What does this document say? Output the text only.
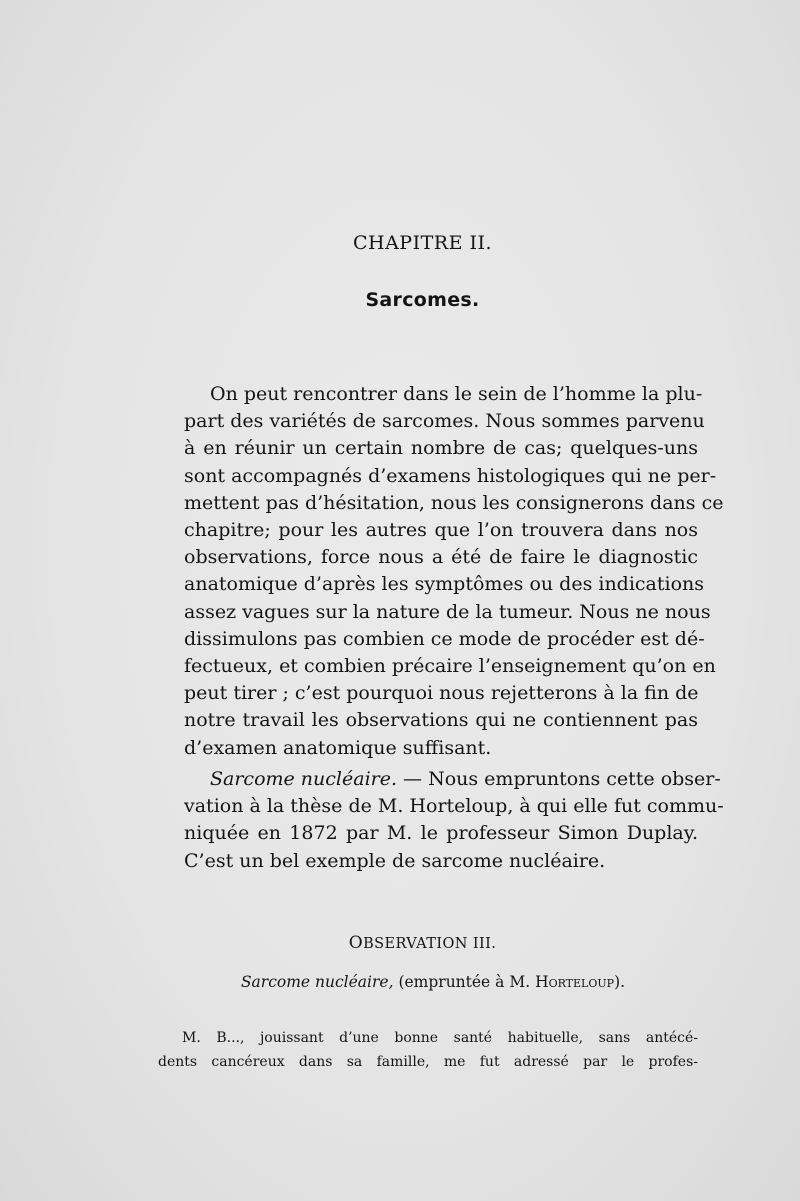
CHAPITRE II.
Sarcomes.
On peut rencontrer dans le sein de l’homme la plu-
part des variétés de sarcomes. Nous sommes parvenu
à en réunir un certain nombre de cas; quelques-uns
sont accompagnés d’examens histologiques qui ne per-
mettent pas d’hésitation, nous les consignerons dans ce
chapitre; pour les autres que l’on trouvera dans nos
observations, force nous a été de faire le diagnostic
anatomique d’après les symptômes ou des indications
assez vagues sur la nature de la tumeur. Nous ne nous
dissimulons pas combien ce mode de procéder est dé-
fectueux, et combien précaire l’enseignement qu’on en
peut tirer ; c’est pourquoi nous rejetterons à la fin de
notre travail les observations qui ne contiennent pas
d’examen anatomique suffisant.
Sarcome nucléaire. — Nous empruntons cette obser-
vation à la thèse de M. Horteloup, à qui elle fut commu-
niquée en 1872 par M. le professeur Simon Duplay.
C’est un bel exemple de sarcome nucléaire.
OBSERVATION III.
Sarcome nucléaire, (empruntée à M. Horteloup).
M. B..., jouissant d’une bonne santé habituelle, sans antécé-
dents cancéreux dans sa famille, me fut adressé par le profes-
